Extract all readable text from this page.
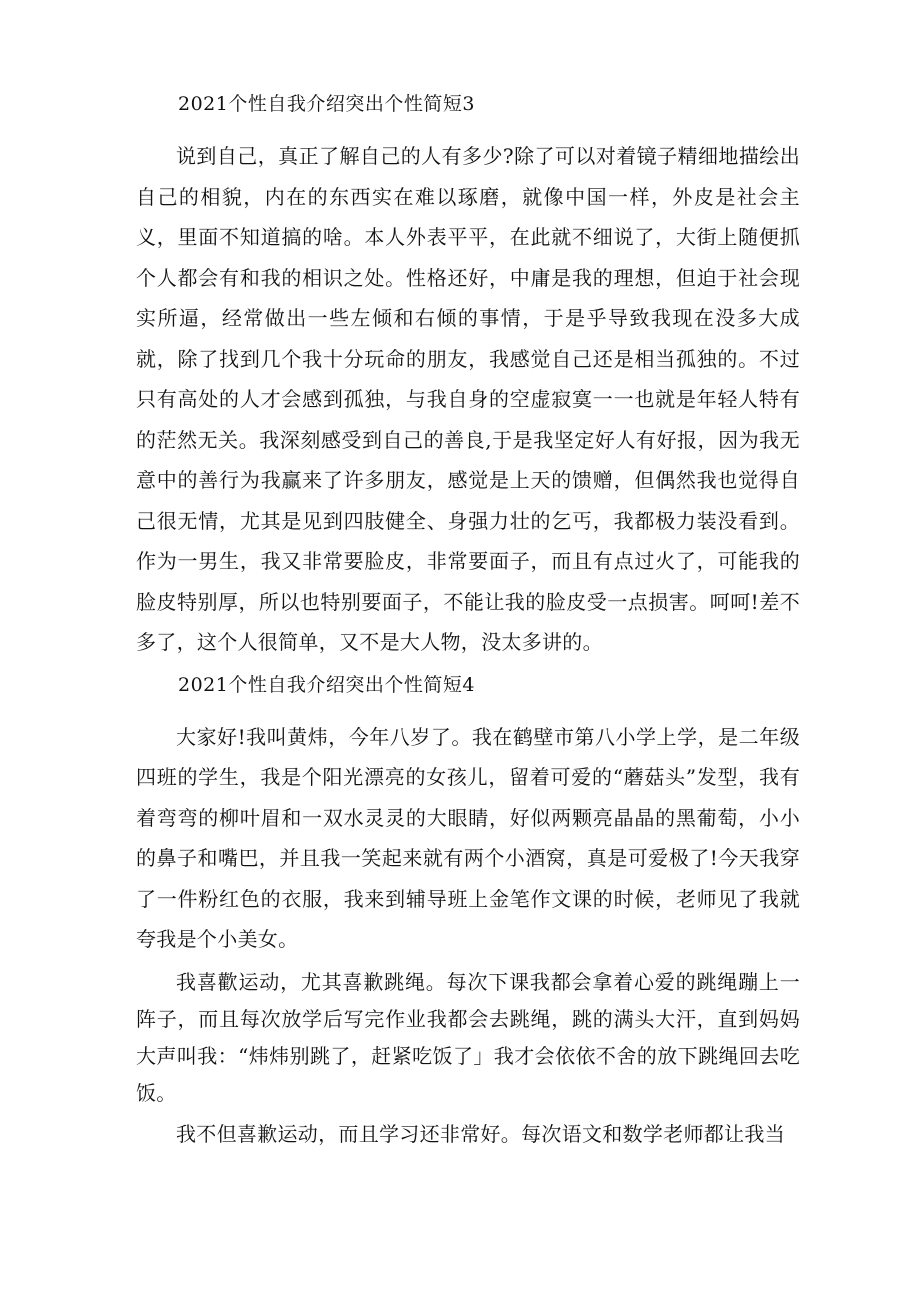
2021个性自我介绍突出个性简短3

说到自己，真正了解自己的人有多少?除了可以对着镜子精细地描绘出自己的相貌，内在的东西实在难以琢磨，就像中国一样，外皮是社会主义，里面不知道搞的啥。本人外表平平，在此就不细说了，大街上随便抓个人都会有和我的相识之处。性格还好，中庸是我的理想，但迫于社会现实所逼，经常做出一些左倾和右倾的事情，于是乎导致我现在没多大成就，除了找到几个我十分玩命的朋友，我感觉自己还是相当孤独的。不过只有高处的人才会感到孤独，与我自身的空虚寂寞一一也就是年轻人特有的茫然无关。我深刻感受到自己的善良,于是我坚定好人有好报，因为我无意中的善行为我赢来了许多朋友，感觉是上天的馈赠，但偶然我也觉得自己很无情，尤其是见到四肢健全、身强力壮的乞丐，我都极力装没看到。作为一男生，我又非常要脸皮，非常要面子，而且有点过火了，可能我的脸皮特别厚，所以也特别要面子，不能让我的脸皮受一点损害。呵呵!差不多了，这个人很简单，又不是大人物，没太多讲的。

2021个性自我介绍突出个性简短4

大家好!我叫黄炜，今年八岁了。我在鹤壁市第八小学上学，是二年级四班的学生，我是个阳光漂亮的女孩儿，留着可爱的“蘑菇头”发型，我有着弯弯的柳叶眉和一双水灵灵的大眼睛，好似两颗亮晶晶的黑葡萄，小小的鼻子和嘴巴，并且我一笑起来就有两个小酒窝，真是可爱极了!今天我穿了一件粉红色的衣服，我来到辅导班上金笔作文课的时候，老师见了我就夸我是个小美女。

我喜歡运动，尤其喜歉跳绳。每次下课我都会拿着心爱的跳绳蹦上一阵子，而且每次放学后写完作业我都会去跳绳，跳的满头大汗，直到妈妈大声叫我：“炜炜别跳了，赶紧吃饭了」我才会依依不舍的放下跳绳回去吃饭。

我不但喜歉运动，而且学习还非常好。每次语文和数学老师都让我当
